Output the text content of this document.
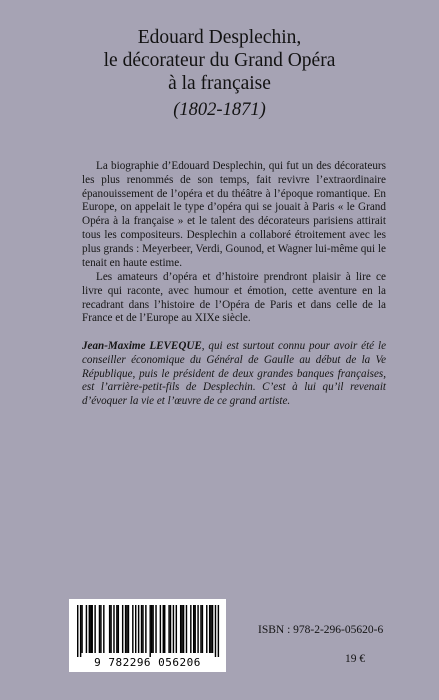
Edouard Desplechin,
le décorateur du Grand Opéra
à la française
(1802-1871)

La biographie d’Edouard Desplechin, qui fut un des décorateurs les plus renommés de son temps, fait revivre l’extraordinaire épanouissement de l’opéra et du théâtre à l’époque romantique. En Europe, on appelait le type d’opéra qui se jouait à Paris « le Grand Opéra à la française » et le talent des décorateurs parisiens attirait tous les compositeurs. Desplechin a collaboré étroitement avec les plus grands : Meyerbeer, Verdi, Gounod, et Wagner lui-même qui le tenait en haute estime.

Les amateurs d’opéra et d’histoire prendront plaisir à lire ce livre qui raconte, avec humour et émotion, cette aventure en la recadrant dans l’histoire de l’Opéra de Paris et dans celle de la France et de l’Europe au XIXe siècle.

Jean-Maxime LEVEQUE, qui est surtout connu pour avoir été le conseiller économique du Général de Gaulle au début de la Ve République, puis le président de deux grandes banques françaises, est l’arrière-petit-fils de Desplechin. C’est à lui qu’il revenait d’évoquer la vie et l’œuvre de ce grand artiste.

9 782296 056206
ISBN : 978-2-296-05620-6
19 €
